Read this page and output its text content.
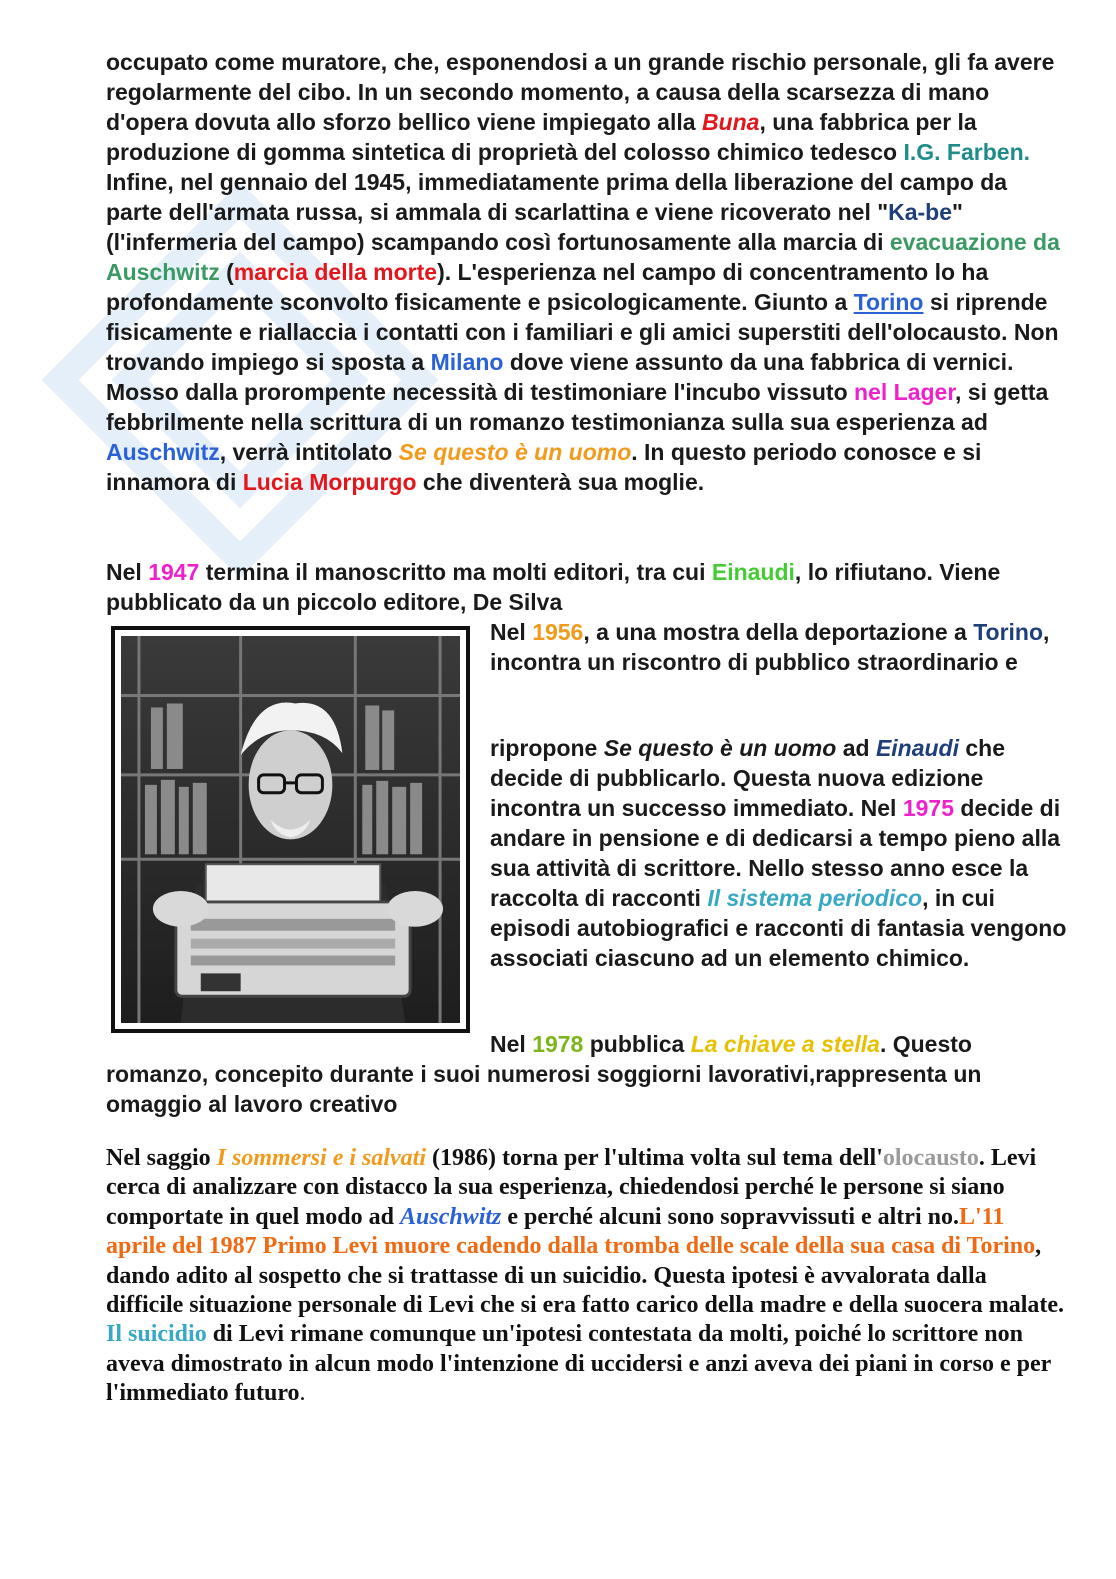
occupato come muratore, che, esponendosi a un grande rischio personale, gli fa avere regolarmente del cibo. In un secondo momento, a causa della scarsezza di mano d'opera dovuta allo sforzo bellico viene impiegato alla Buna, una fabbrica per la produzione di gomma sintetica di proprietà del colosso chimico tedesco I.G. Farben. Infine, nel gennaio del 1945, immediatamente prima della liberazione del campo da parte dell'armata russa, si ammala di scarlattina e viene ricoverato nel "Ka-be" (l'infermeria del campo) scampando così fortunosamente alla marcia di evacuazione da Auschwitz (marcia della morte). L'esperienza nel campo di concentramento lo ha profondamente sconvolto fisicamente e psicologicamente. Giunto a Torino si riprende fisicamente e riallaccia i contatti con i familiari e gli amici superstiti dell'olocausto. Non trovando impiego si sposta a Milano dove viene assunto da una fabbrica di vernici. Mosso dalla prorompente necessità di testimoniare l'incubo vissuto nel Lager, si getta febbrilmente nella scrittura di un romanzo testimonianza sulla sua esperienza ad Auschwitz, verrà intitolato Se questo è un uomo. In questo periodo conosce e si innamora di Lucia Morpurgo che diventerà sua moglie.

Nel 1947 termina il manoscritto ma molti editori, tra cui Einaudi, lo rifiutano. Viene pubblicato da un piccolo editore, De Silva

Nel 1956, a una mostra della deportazione a Torino, incontra un riscontro di pubblico straordinario e

ripropone Se questo è un uomo ad Einaudi che decide di pubblicarlo. Questa nuova edizione incontra un successo immediato. Nel 1975 decide di andare in pensione e di dedicarsi a tempo pieno alla sua attività di scrittore. Nello stesso anno esce la raccolta di racconti Il sistema periodico, in cui episodi autobiografici e racconti di fantasia vengono associati ciascuno ad un elemento chimico.

Nel 1978 pubblica La chiave a stella. Questo

romanzo, concepito durante i suoi numerosi soggiorni lavorativi,rappresenta un omaggio al lavoro creativo

Nel saggio I sommersi e i salvati (1986) torna per l'ultima volta sul tema dell'olocausto. Levi cerca di analizzare con distacco la sua esperienza, chiedendosi perché le persone si siano comportate in quel modo ad Auschwitz e perché alcuni sono sopravvissuti e altri no.L'11 aprile del 1987 Primo Levi muore cadendo dalla tromba delle scale della sua casa di Torino, dando adito al sospetto che si trattasse di un suicidio. Questa ipotesi è avvalorata dalla difficile situazione personale di Levi che si era fatto carico della madre e della suocera malate. Il suicidio di Levi rimane comunque un'ipotesi contestata da molti, poiché lo scrittore non aveva dimostrato in alcun modo l'intenzione di uccidersi e anzi aveva dei piani in corso e per l'immediato futuro.
